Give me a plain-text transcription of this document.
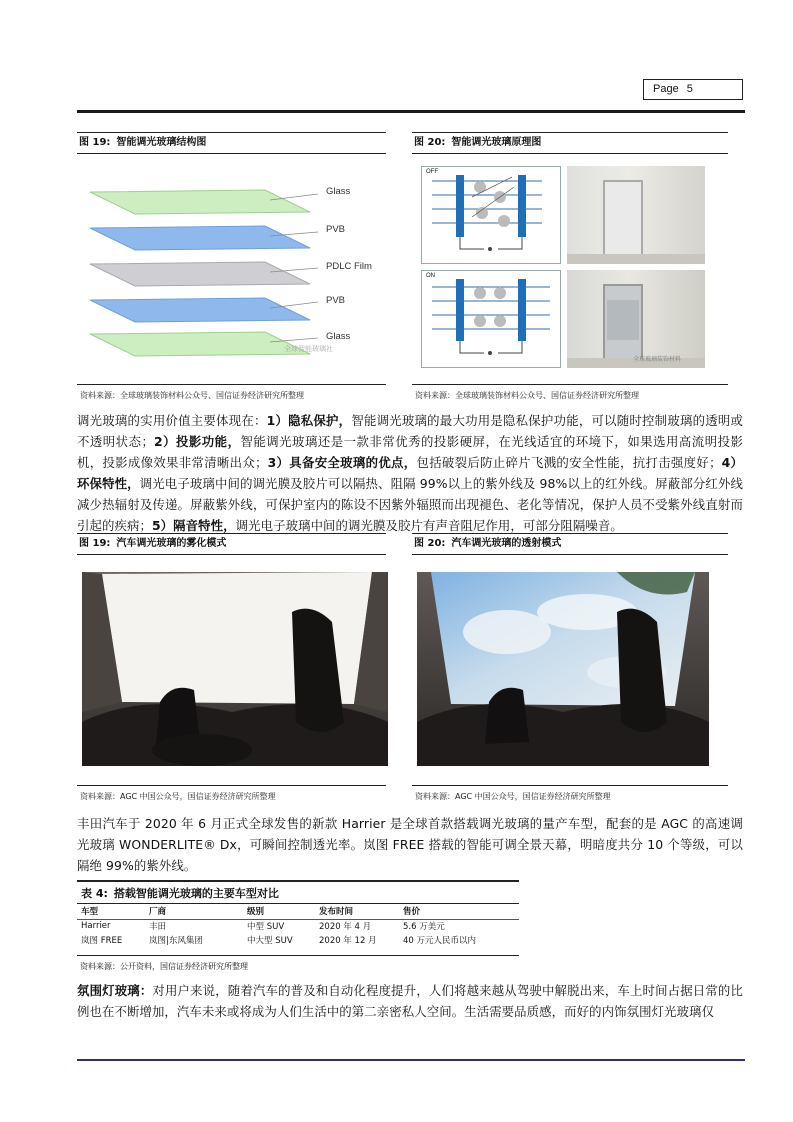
Page 5
图 19: 智能调光玻璃结构图	图 20: 智能调光玻璃原理图
Glass
PVB
PDLC Film
PVB
Glass
全球智能玻璃社
OFF
ON
全球玻璃装饰材料
资料来源：全球玻璃装饰材料公众号、国信证券经济研究所整理	资料来源：全球玻璃装饰材料公众号、国信证券经济研究所整理
调光玻璃的实用价值主要体现在：1）隐私保护，智能调光玻璃的最大功用是隐私保护功能，可以随时控制玻璃的透明或不透明状态；2）投影功能，智能调光玻璃还是一款非常优秀的投影硬屏，在光线适宜的环境下，如果选用高流明投影机，投影成像效果非常清晰出众；3）具备安全玻璃的优点，包括破裂后防止碎片飞溅的安全性能，抗打击强度好；4）环保特性，调光电子玻璃中间的调光膜及胶片可以隔热、阻隔 99%以上的紫外线及 98%以上的红外线。屏蔽部分红外线减少热辐射及传递。屏蔽紫外线，可保护室内的陈设不因紫外辐照而出现褪色、老化等情况，保护人员不受紫外线直射而引起的疾病；5）隔音特性，调光电子玻璃中间的调光膜及胶片有声音阻尼作用，可部分阻隔噪音。
图 19: 汽车调光玻璃的雾化模式	图 20: 汽车调光玻璃的透射模式
资料来源：AGC 中国公众号，国信证券经济研究所整理	资料来源：AGC 中国公众号，国信证券经济研究所整理
丰田汽车于 2020 年 6 月正式全球发售的新款 Harrier 是全球首款搭载调光玻璃的量产车型，配套的是 AGC 的高速调光玻璃 WONDERLITE® Dx，可瞬间控制透光率。岚图 FREE 搭载的智能可调全景天幕，明暗度共分 10 个等级，可以隔绝 99%的紫外线。
表 4: 搭载智能调光玻璃的主要车型对比
车型	厂商	级别	发布时间	售价
Harrier	丰田	中型 SUV	2020 年 4 月	5.6 万美元
岚图 FREE	岚图|东风集团	中大型 SUV	2020 年 12 月	40 万元人民币以内
资料来源：公开资料，国信证券经济研究所整理
氛围灯玻璃：对用户来说，随着汽车的普及和自动化程度提升，人们将越来越从驾驶中解脱出来，车上时间占据日常的比例也在不断增加，汽车未来或将成为人们生活中的第二亲密私人空间。生活需要品质感，而好的内饰氛围灯光玻璃仅
